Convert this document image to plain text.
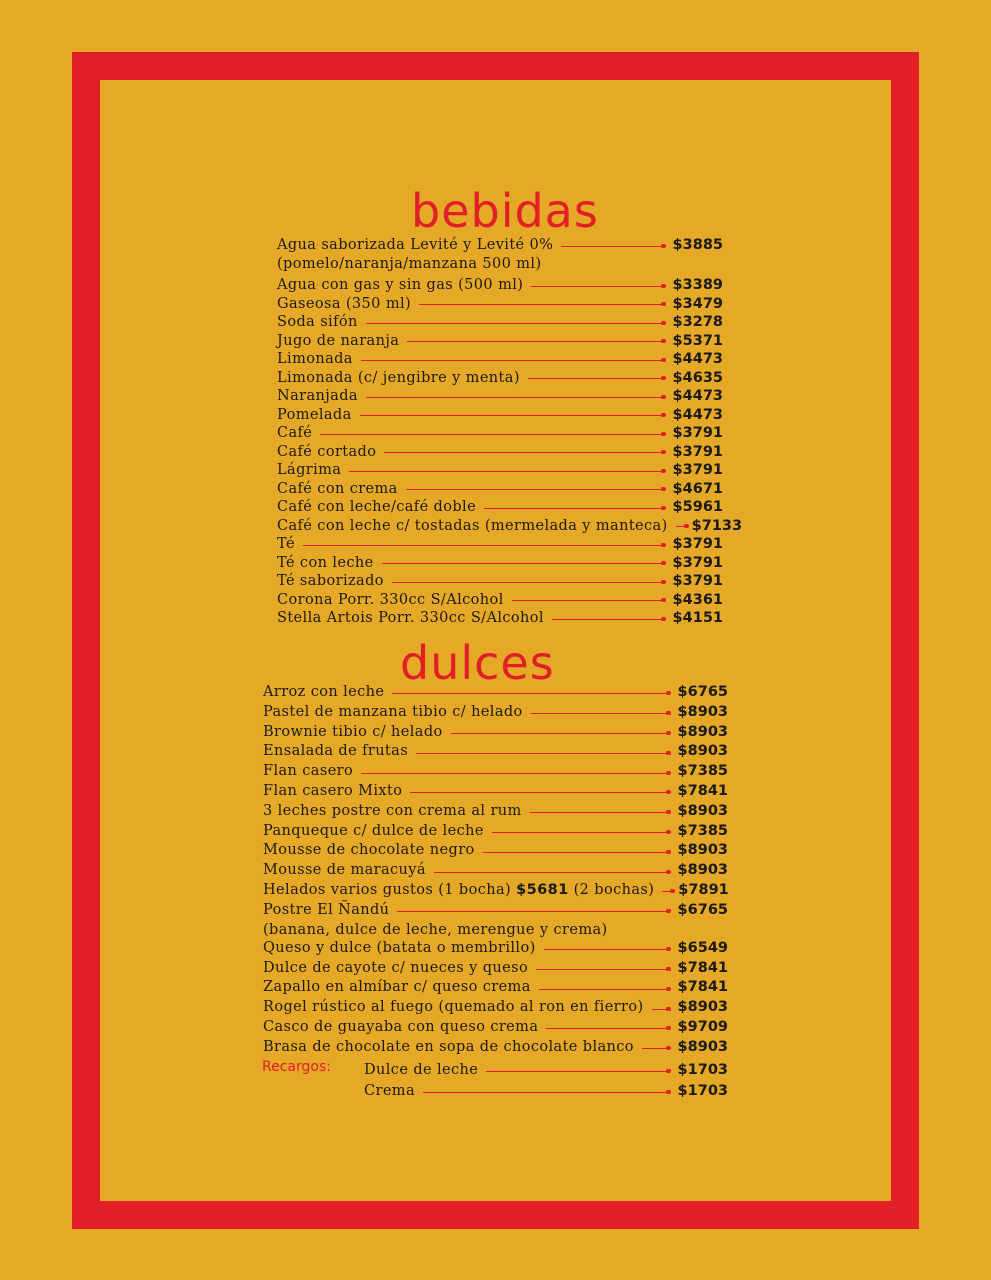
bebidas
Agua saborizada Levité y Levité 0%	$3885
(pomelo/naranja/manzana 500 ml)
Agua con gas y sin gas (500 ml)	$3389
Gaseosa (350 ml)	$3479
Soda sifón	$3278
Jugo de naranja	$5371
Limonada	$4473
Limonada (c/ jengibre y menta)	$4635
Naranjada	$4473
Pomelada	$4473
Café	$3791
Café cortado	$3791
Lágrima	$3791
Café con crema	$4671
Café con leche/café doble	$5961
Café con leche c/ tostadas (mermelada y manteca) $7133
Té	$3791
Té con leche	$3791
Té saborizado	$3791
Corona Porr. 330cc S/Alcohol	$4361
Stella Artois Porr. 330cc S/Alcohol	$4151
dulces
Arroz con leche	$6765
Pastel de manzana tibio c/ helado	$8903
Brownie tibio c/ helado	$8903
Ensalada de frutas	$8903
Flan casero	$7385
Flan casero Mixto	$7841
3 leches postre con crema al rum	$8903
Panqueque c/ dulce de leche	$7385
Mousse de chocolate negro	$8903
Mousse de maracuyá	$8903
Helados varios gustos (1 bocha) $5681 (2 bochas) $7891
Postre El Ñandú	$6765
(banana, dulce de leche, merengue y crema)
Queso y dulce (batata o membrillo)	$6549
Dulce de cayote c/ nueces y queso	$7841
Zapallo en almíbar c/ queso crema	$7841
Rogel rústico al fuego (quemado al ron en fierro) $8903
Casco de guayaba con queso crema	$9709
Brasa de chocolate en sopa de chocolate blanco	$8903
Recargos: Dulce de leche	$1703
Crema	$1703
